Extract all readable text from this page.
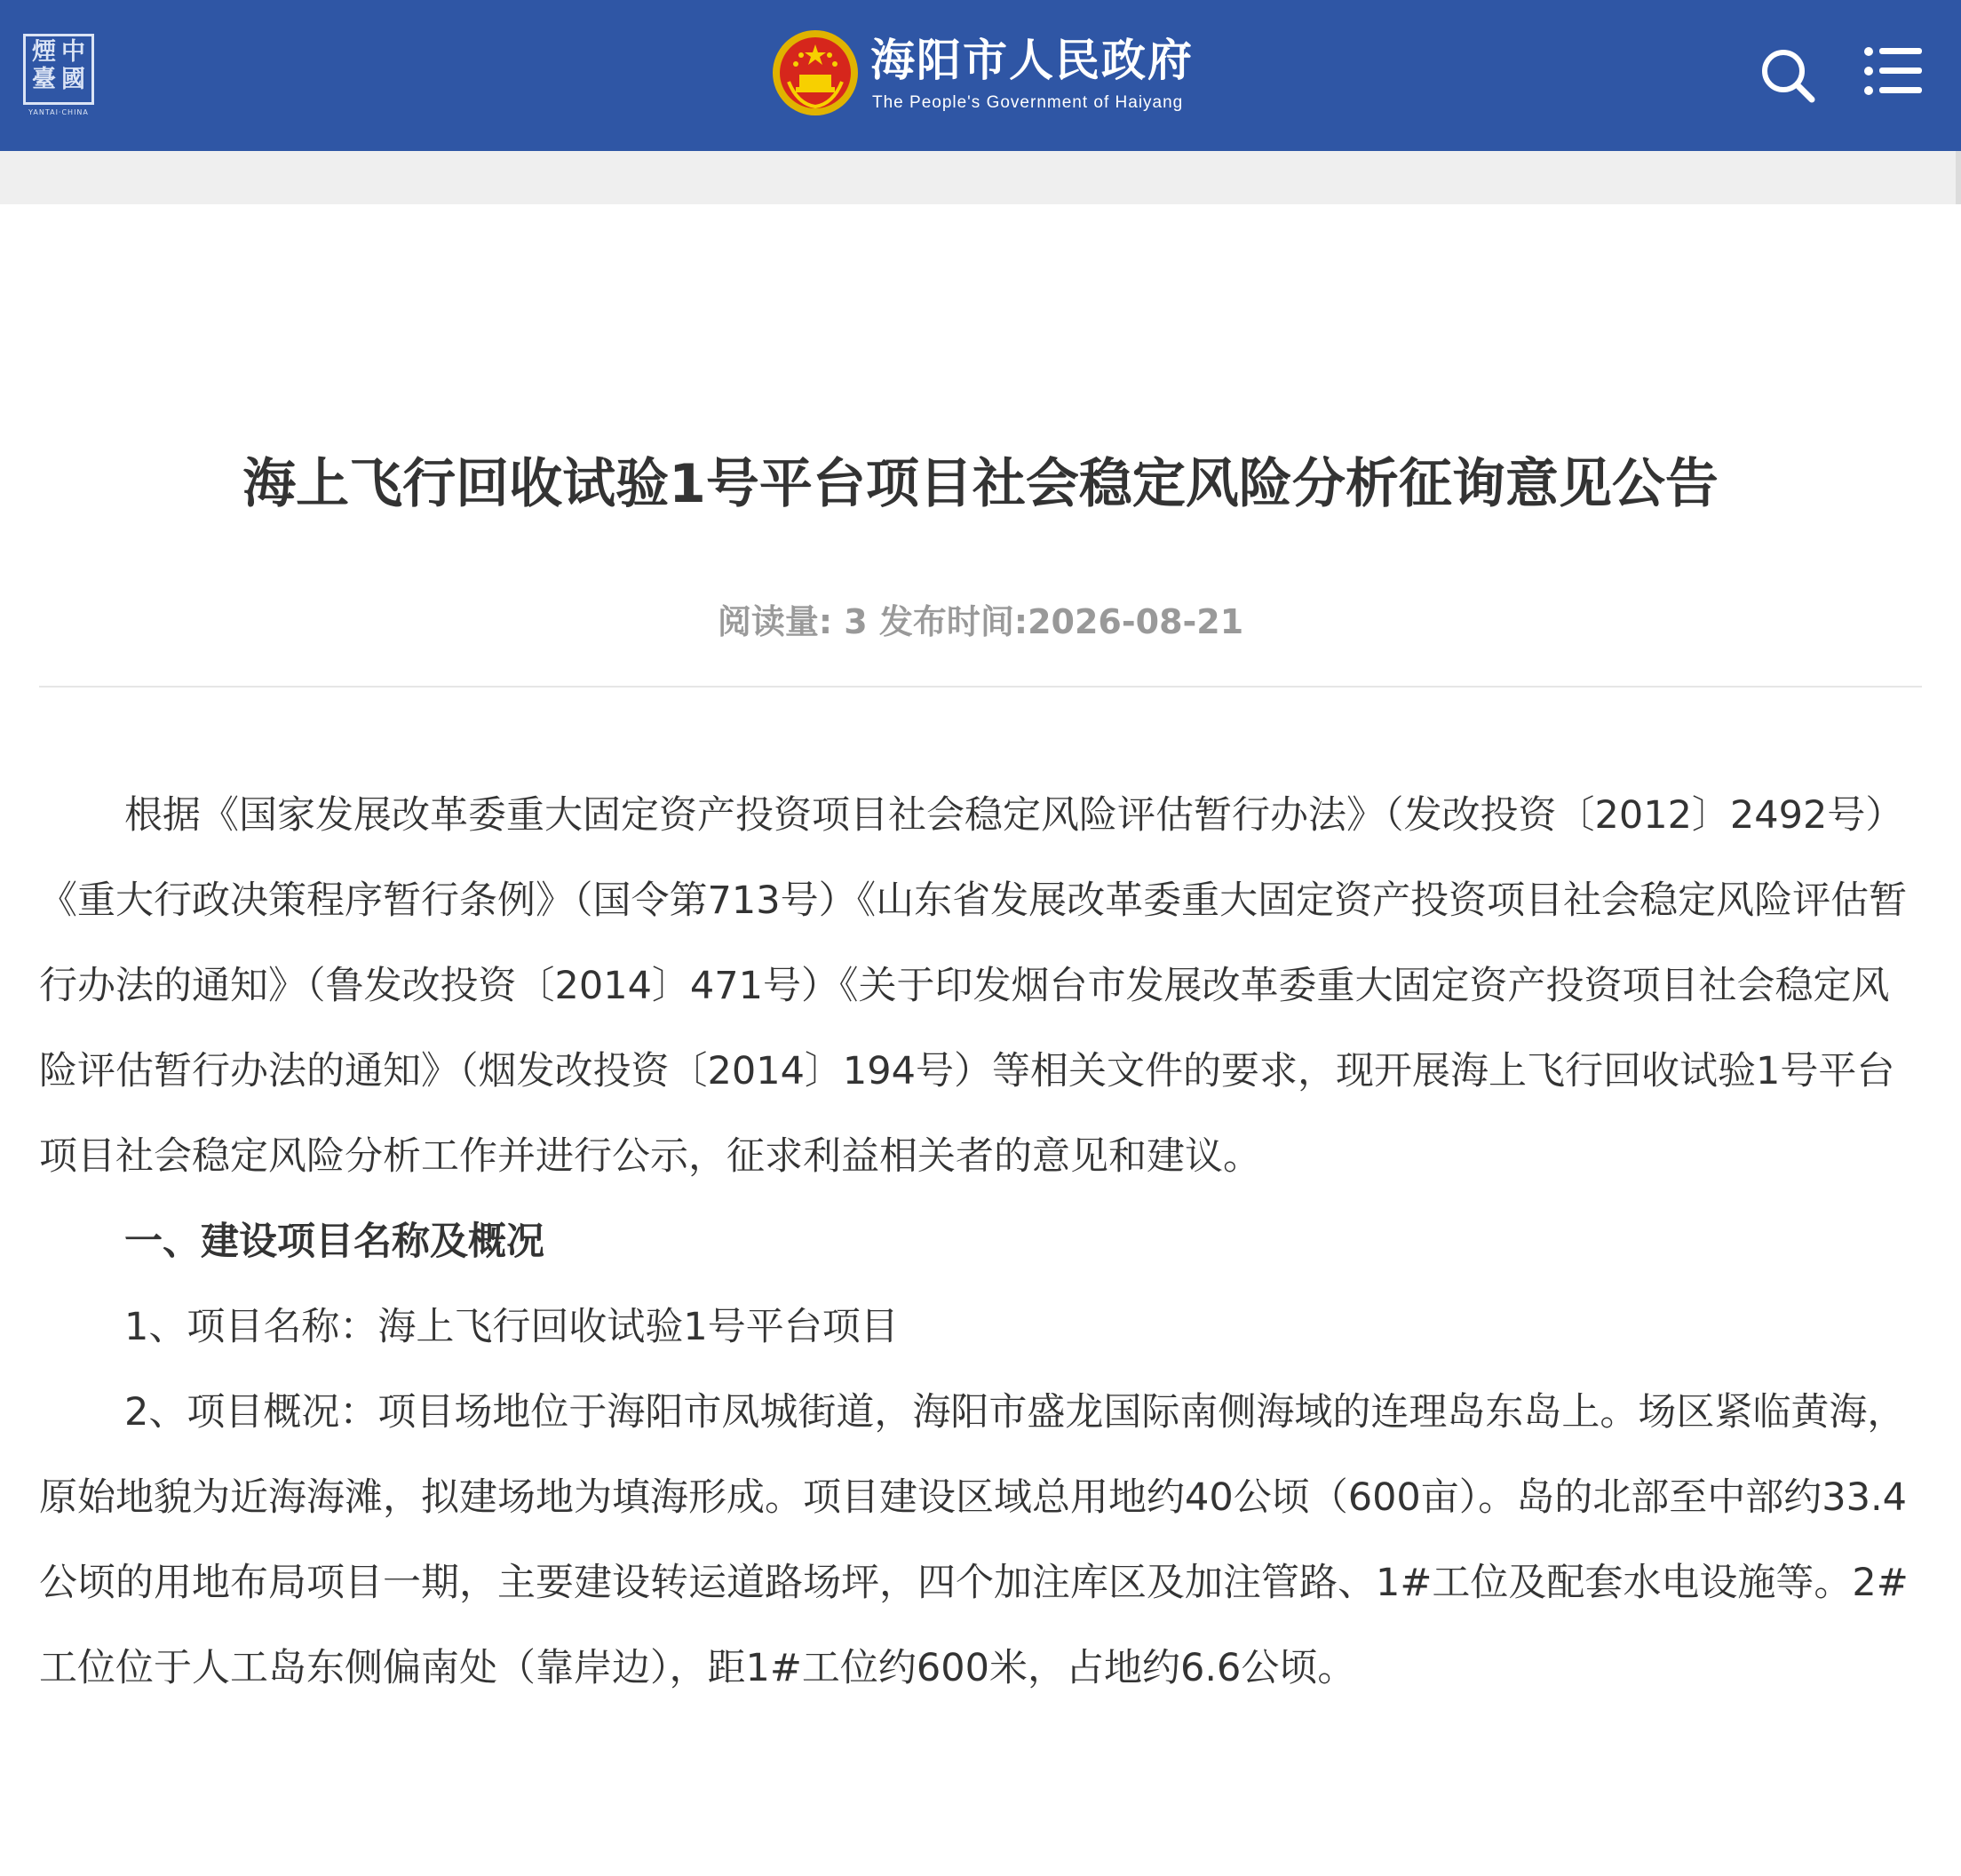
煙 中
臺 國
YANTAI·CHINA
海阳市人民政府
The People's Government of Haiyang
海上飞行回收试验1号平台项目社会稳定风险分析征询意见公告
阅读量: 3 发布时间:2026-08-21

根据《国家发展改革委重大固定资产投资项目社会稳定风险评估暂行办法》（发改投资〔2012〕2492号）《重大行政决策程序暂行条例》（国令第713号）《山东省发展改革委重大固定资产投资项目社会稳定风险评估暂行办法的通知》（鲁发改投资〔2014〕471号）《关于印发烟台市发展改革委重大固定资产投资项目社会稳定风险评估暂行办法的通知》（烟发改投资〔2014〕194号）等相关文件的要求，现开展海上飞行回收试验1号平台项目社会稳定风险分析工作并进行公示，征求利益相关者的意见和建议。

一、建设项目名称及概况

1、项目名称：海上飞行回收试验1号平台项目

2、项目概况：项目场地位于海阳市凤城街道，海阳市盛龙国际南侧海域的连理岛东岛上。场区紧临黄海，原始地貌为近海海滩，拟建场地为填海形成。项目建设区域总用地约40公顷（600亩）。岛的北部至中部约33.4公顷的用地布局项目一期，主要建设转运道路场坪，四个加注库区及加注管路、1#工位及配套水电设施等。2#工位位于人工岛东侧偏南处（靠岸边），距1#工位约600米，占地约6.6公顷。
